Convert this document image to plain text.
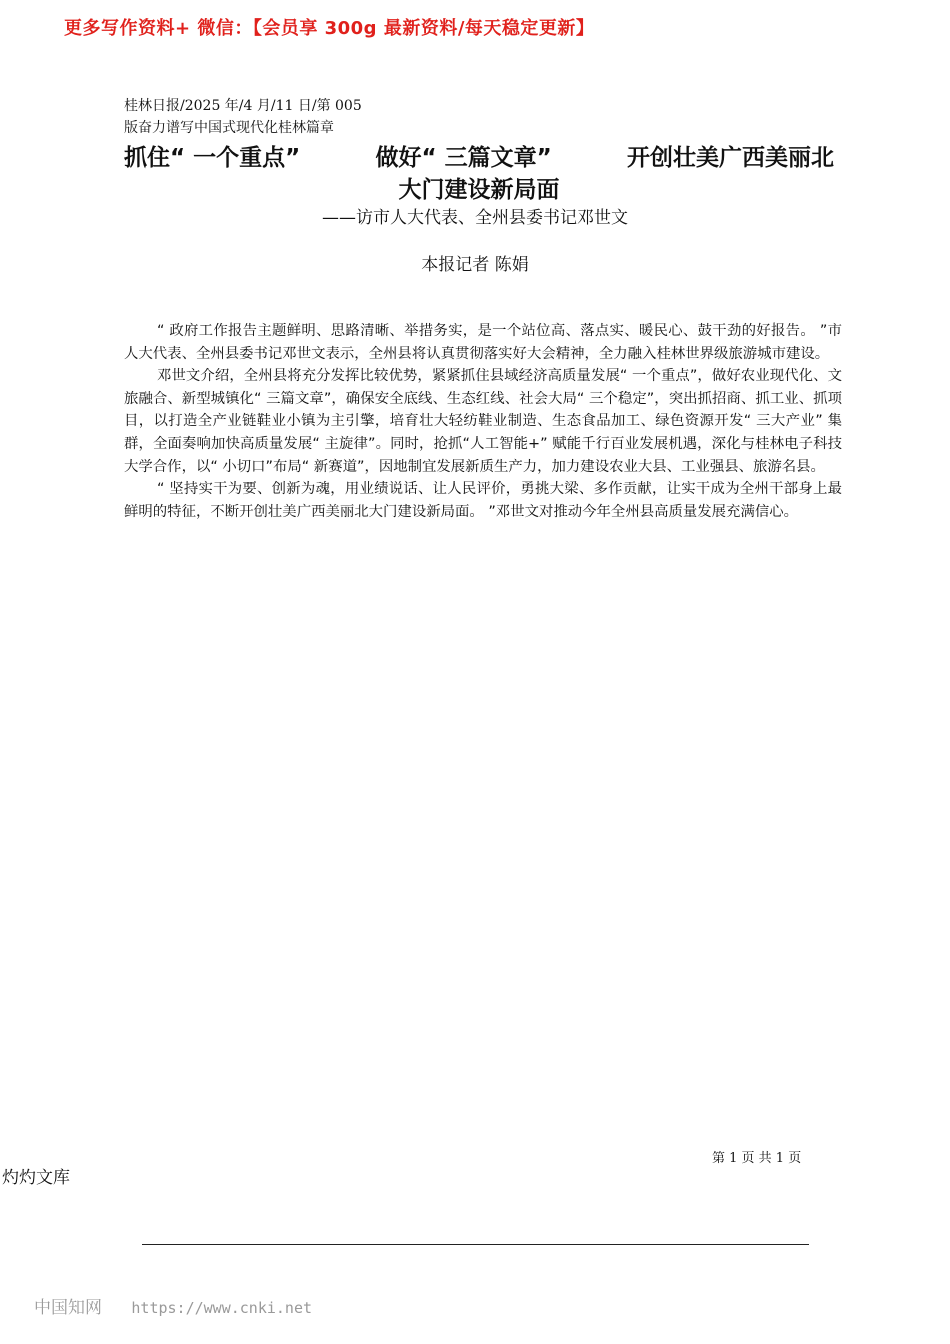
更多写作资料+ 微信：【会员享 300g 最新资料/每天稳定更新】
桂林日报/2025 年/4 月/11 日/第 005
版奋力谱写中国式现代化桂林篇章
抓住“ 一个重点”	做好“ 三篇文章”	开创壮美广西美丽北
大门建设新局面
——访市人大代表、全州县委书记邓世文
本报记者 陈娟

“ 政府工作报告主题鲜明、思路清晰、举措务实，是一个站位高、落点实、暖民心、鼓干劲的好报告。 ”市人大代表、全州县委书记邓世文表示，全州县将认真贯彻落实好大会精神，全力融入桂林世界级旅游城市建设。

邓世文介绍，全州县将充分发挥比较优势，紧紧抓住县域经济高质量发展“ 一个重点”，做好农业现代化、文旅融合、新型城镇化“ 三篇文章”，确保安全底线、生态红线、社会大局“ 三个稳定”，突出抓招商、抓工业、抓项目，以打造全产业链鞋业小镇为主引擎，培育壮大轻纺鞋业制造、生态食品加工、绿色资源开发“ 三大产业” 集群，全面奏响加快高质量发展“ 主旋律”。同时，抢抓“人工智能+” 赋能千行百业发展机遇，深化与桂林电子科技大学合作，以“ 小切口”布局“ 新赛道”，因地制宜发展新质生产力，加力建设农业大县、工业强县、旅游名县。

“ 坚持实干为要、创新为魂，用业绩说话、让人民评价，勇挑大梁、多作贡献，让实干成为全州干部身上最鲜明的特征，不断开创壮美广西美丽北大门建设新局面。 ”邓世文对推动今年全州县高质量发展充满信心。

第 1 页 共 1 页
灼灼文库
中国知网 https://www.cnki.net
